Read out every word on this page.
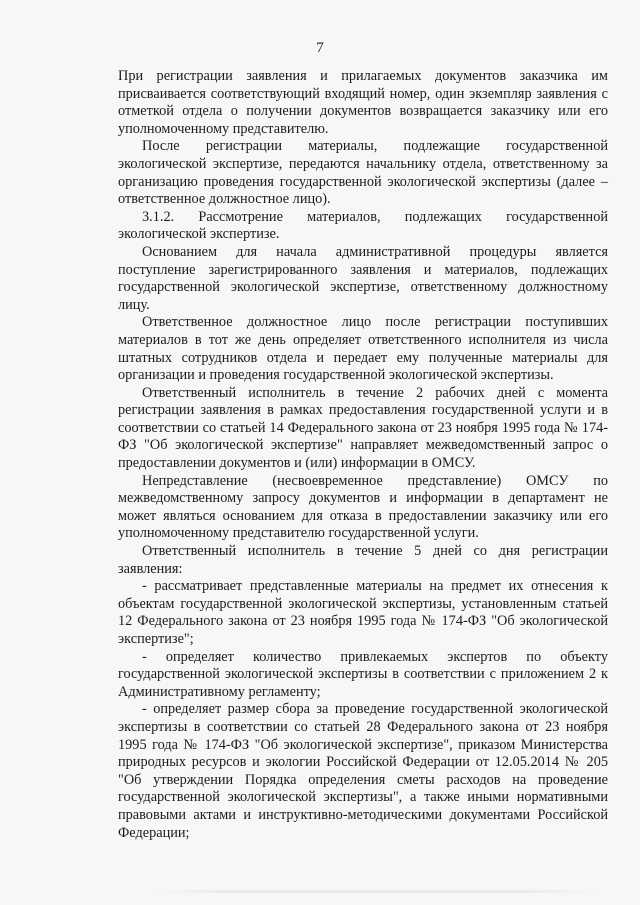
7

При регистрации заявления и прилагаемых документов заказчика им присваивается соответствующий входящий номер, один экземпляр заявления с отметкой отдела о получении документов возвращается заказчику или его уполномоченному представителю.

После регистрации материалы, подлежащие государственной экологической экспертизе, передаются начальнику отдела, ответственному за организацию проведения государственной экологической экспертизы (далее – ответственное должностное лицо).

3.1.2. Рассмотрение материалов, подлежащих государственной экологической экспертизе.

Основанием для начала административной процедуры является поступление зарегистрированного заявления и материалов, подлежащих государственной экологической экспертизе, ответственному должностному лицу.

Ответственное должностное лицо после регистрации поступивших материалов в тот же день определяет ответственного исполнителя из числа штатных сотрудников отдела и передает ему полученные материалы для организации и проведения государственной экологической экспертизы.

Ответственный исполнитель в течение 2 рабочих дней с момента регистрации заявления в рамках предоставления государственной услуги и в соответствии со статьей 14 Федерального закона от 23 ноября 1995 года № 174-ФЗ "Об экологической экспертизе" направляет межведомственный запрос о предоставлении документов и (или) информации в ОМСУ.

Непредставление (несвоевременное представление) ОМСУ по межведомственному запросу документов и информации в департамент не может являться основанием для отказа в предоставлении заказчику или его уполномоченному представителю государственной услуги.

Ответственный исполнитель в течение 5 дней со дня регистрации заявления:

- рассматривает представленные материалы на предмет их отнесения к объектам государственной экологической экспертизы, установленным статьей 12 Федерального закона от 23 ноября 1995 года № 174-ФЗ "Об экологической экспертизе";

- определяет количество привлекаемых экспертов по объекту государственной экологической экспертизы в соответствии с приложением 2 к Административному регламенту;

- определяет размер сбора за проведение государственной экологической экспертизы в соответствии со статьей 28 Федерального закона от 23 ноября 1995 года № 174-ФЗ "Об экологической экспертизе", приказом Министерства природных ресурсов и экологии Российской Федерации от 12.05.2014 № 205 "Об утверждении Порядка определения сметы расходов на проведение государственной экологической экспертизы", а также иными нормативными правовыми актами и инструктивно-методическими документами Российской Федерации;
